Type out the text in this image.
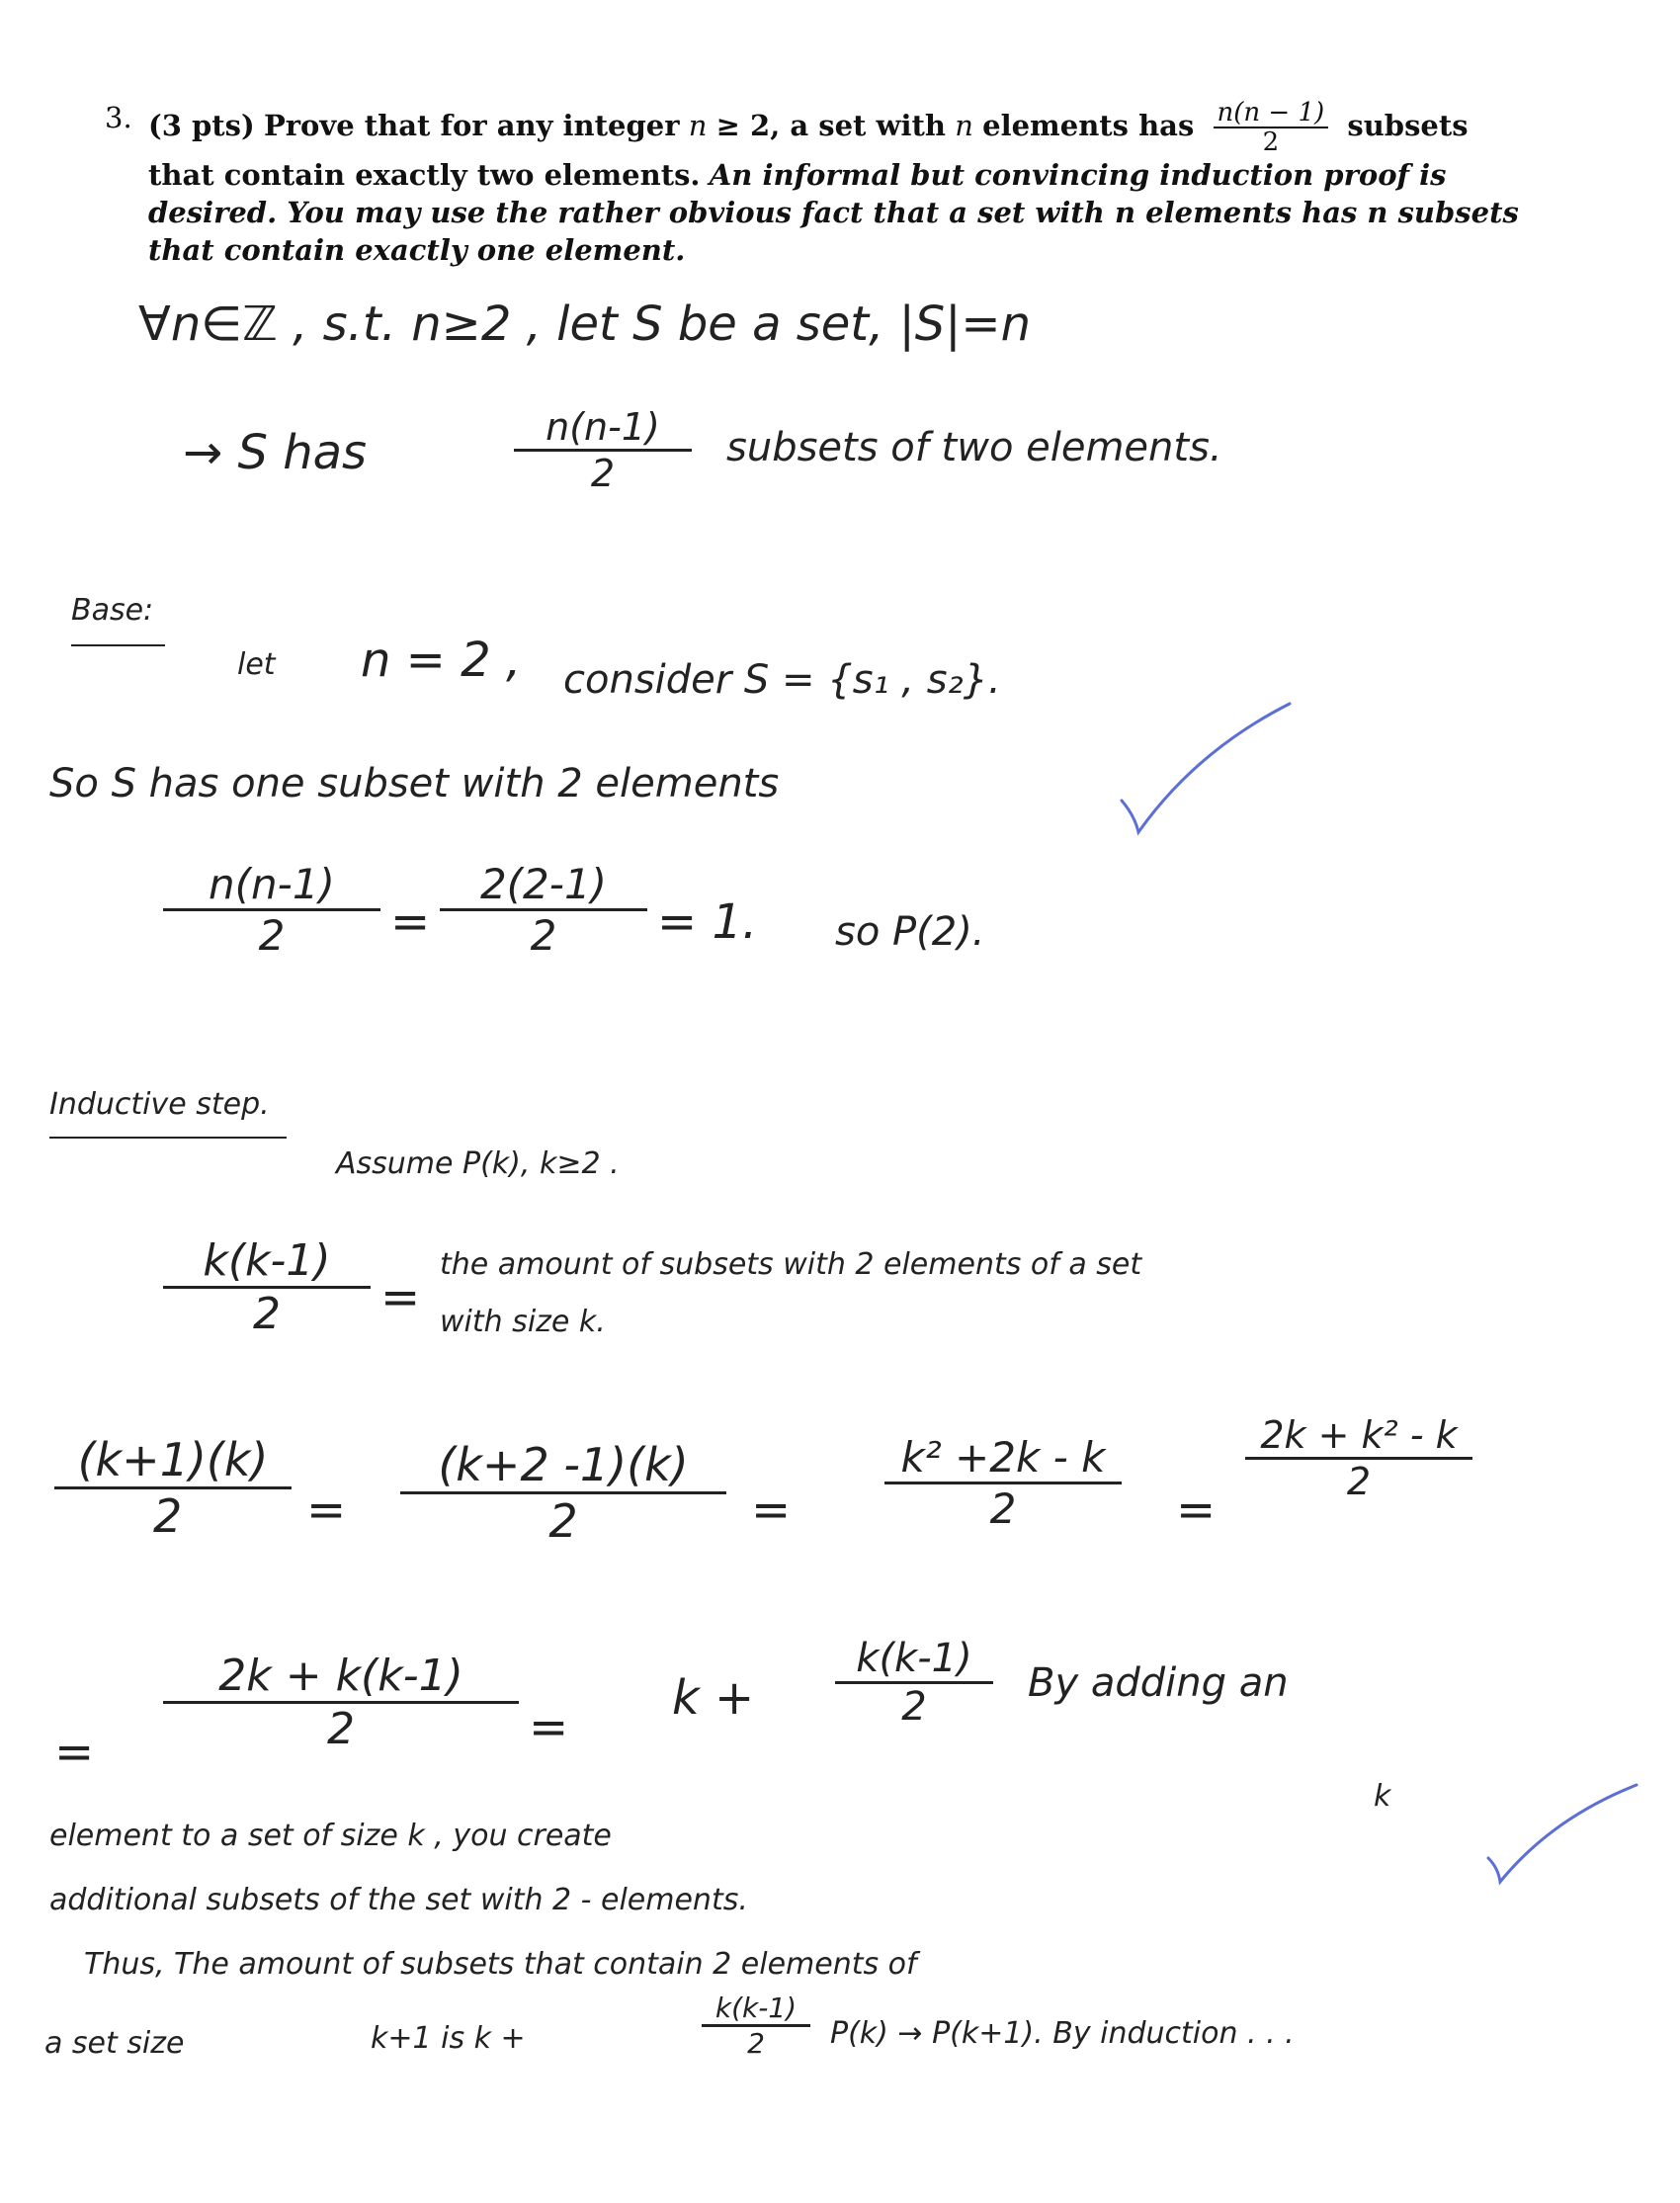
3. (3 pts) Prove that for any integer n ≥ 2, a set with n elements has $\frac{n(n - 1)}{2}$ subsets
that contain exactly two elements. An informal but convincing induction proof is
desired. You may use the rather obvious fact that a set with n elements has n subsets
that contain exactly one element.
∀n∈ℤ , s.t. n≥2 , let S be a set, |S|=n
→ S has	n(n-1)
2
subsets of two elements.
Base:
let n = 2 , consider S = {s₁ , s₂}.
So S has one subset with 2 elements
n(n-1)
2	=
2(2-1)
2	= 1. so P(2).
Inductive step.
Assume P(k), k≥2 .
k(k-1)
2	=
the amount of subsets with 2 elements of a set
with size k.
(k+1)(k)
2	=
(k+2 -1)(k)
2	=
k² +2k - k
2	=
2k + k² - k
2
=
2k + k(k-1)
2	=
k +
k(k-1)
2
By adding an
k
element to a set of size k , you create
additional subsets of the set with 2 - elements.
Thus, The amount of subsets that contain 2 elements of
a set size	k+1 is k +
k(k-1)
2	P(k) → P(k+1). By induction . . .
